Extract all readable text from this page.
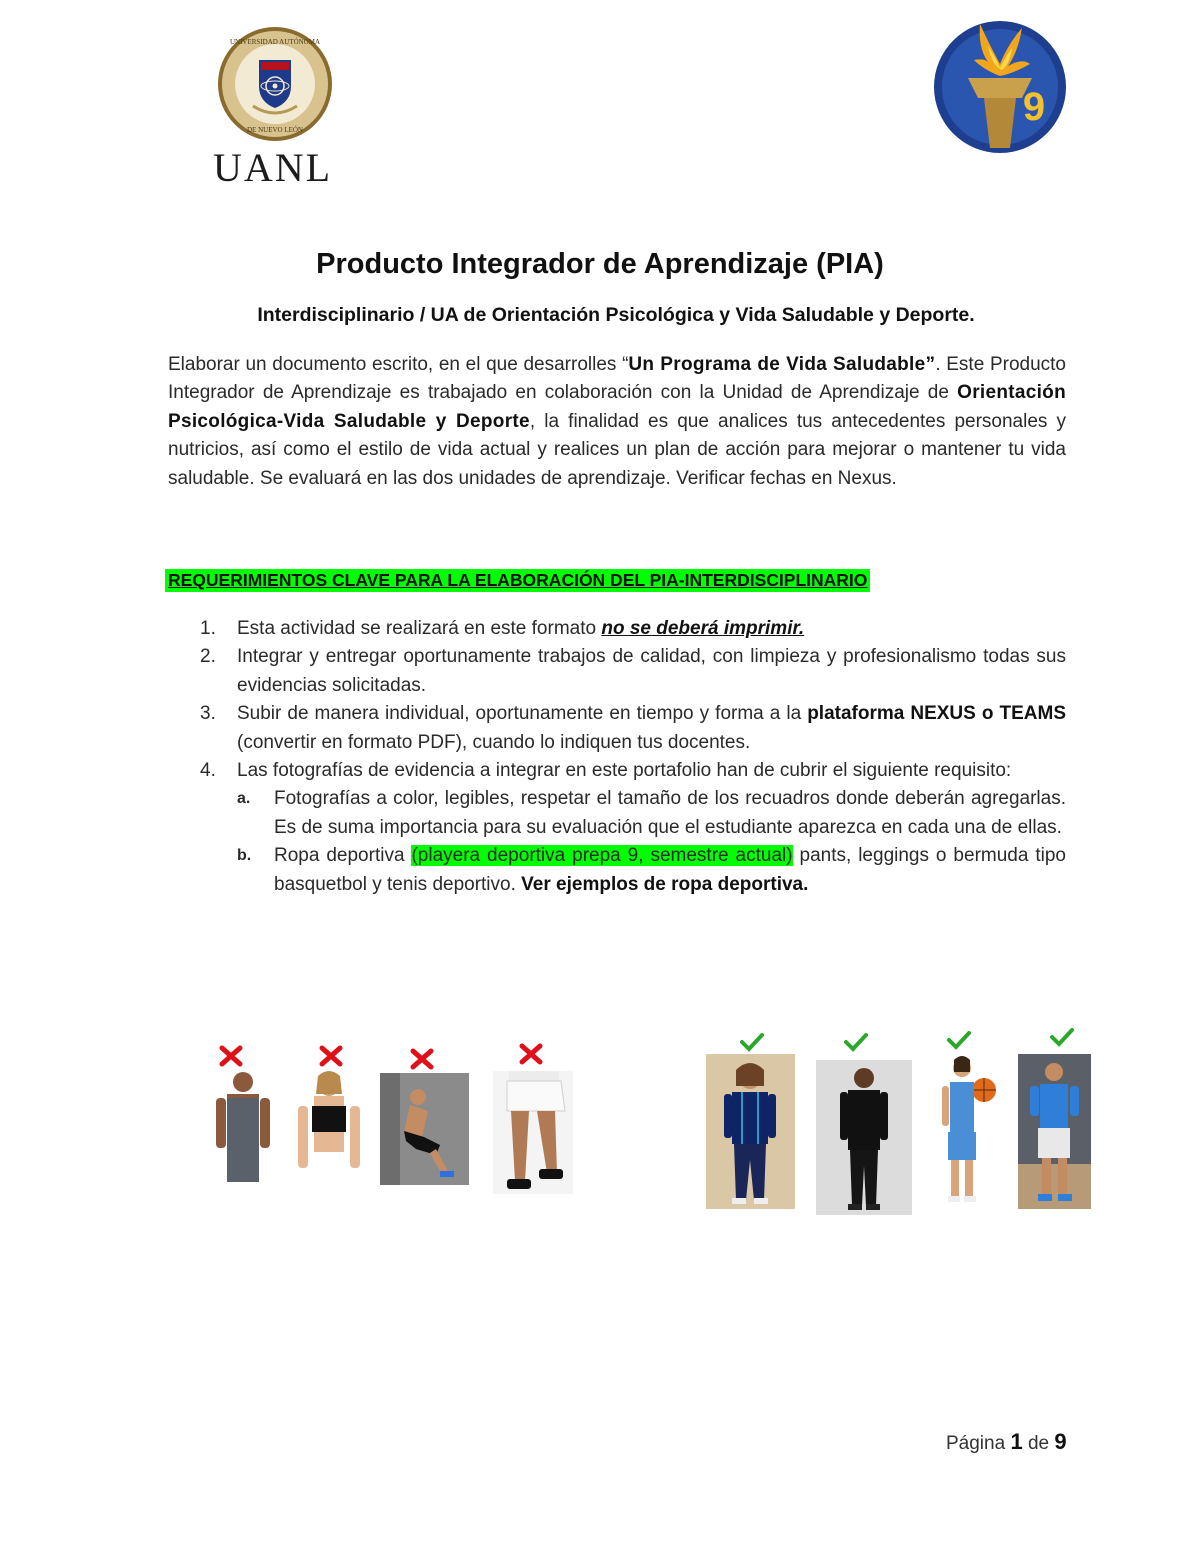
UNIVERSIDAD AUTÓNOMA
DE NUEVO LEÓN
UANL
9
Producto Integrador de Aprendizaje (PIA)
Interdisciplinario / UA de Orientación Psicológica y Vida Saludable y Deporte.
Elaborar un documento escrito, en el que desarrolles “Un Programa de Vida Saludable”. Este Producto Integrador de Aprendizaje es trabajado en colaboración con la Unidad de Aprendizaje de Orientación Psicológica-Vida Saludable y Deporte, la finalidad es que analices tus antecedentes personales y nutricios, así como el estilo de vida actual y realices un plan de acción para mejorar o mantener tu vida saludable. Se evaluará en las dos unidades de aprendizaje. Verificar fechas en Nexus.
REQUERIMIENTOS CLAVE PARA LA ELABORACIÓN DEL PIA-INTERDISCIPLINARIO
1. Esta actividad se realizará en este formato no se deberá imprimir.
2. Integrar y entregar oportunamente trabajos de calidad, con limpieza y profesionalismo todas sus evidencias solicitadas.
3. Subir de manera individual, oportunamente en tiempo y forma a la plataforma NEXUS o TEAMS (convertir en formato PDF), cuando lo indiquen tus docentes.
4. Las fotografías de evidencia a integrar en este portafolio han de cubrir el siguiente requisito:
a. Fotografías a color, legibles, respetar el tamaño de los recuadros donde deberán agregarlas. Es de suma importancia para su evaluación que el estudiante aparezca en cada una de ellas.
b. Ropa deportiva (playera deportiva prepa 9, semestre actual) pants, leggings o bermuda tipo basquetbol y tenis deportivo. Ver ejemplos de ropa deportiva.
Página 1 de 9
